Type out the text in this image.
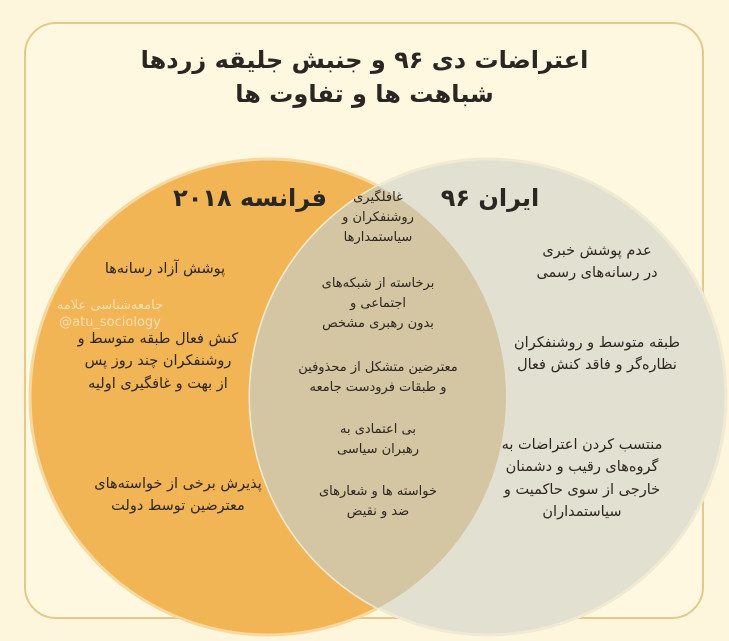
اعتراضات دی ۹۶ و جنبش جلیقه زردها
شباهت ها و تفاوت ها
فرانسه ۲۰۱۸	ایران ۹۶
جامعه‌شناسی علامه
@atu_sociology
پوشش آزاد رسانه‌ها
کنش فعال طبقه متوسط و
روشنفکران چند روز پس
از بهت و غافگیری اولیه
پذیرش برخی از خواسته‌های
معترضین توسط دولت
عدم پوشش خبری
در رسانه‌های رسمی
طبقه متوسط و روشنفکران
نظاره‌گر و فاقد کنش فعال
منتسب کردن اعتراضات به
گروه‌های رقیب و دشمنان
خارجی از سوی حاکمیت و
سیاستمداران
غافلگیری
روشنفکران و
سیاستمدارها
برخاسته از شبکه‌های
اجتماعی و
بدون رهبری مشخص
معترضین متشکل از محذوفین
و طبقات فرودست جامعه
بی اعتمادی به
رهبران سیاسی
خواسته ها و شعارهای
ضد و نقیض
